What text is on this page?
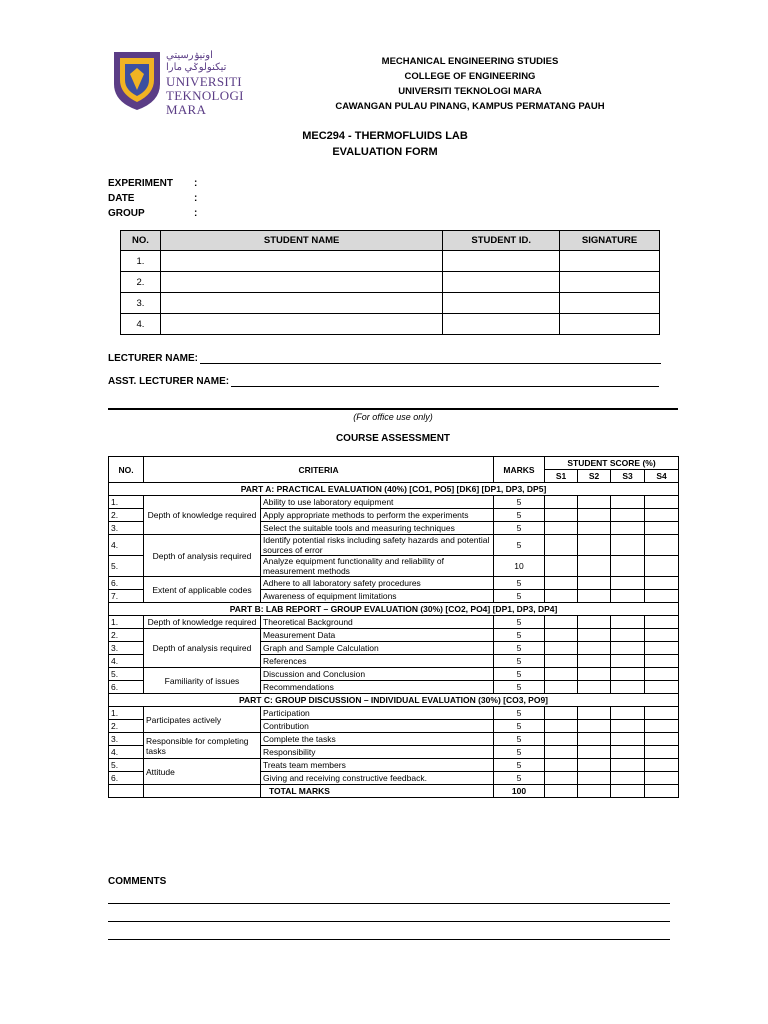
اونيۏرسيتي تيكنولوݢي مارا
UNIVERSITI
TEKNOLOGI
MARA
MECHANICAL ENGINEERING STUDIES
COLLEGE OF ENGINEERING
UNIVERSITI TEKNOLOGI MARA
CAWANGAN PULAU PINANG, KAMPUS PERMATANG PAUH
MEC294 - THERMOFLUIDS LAB
EVALUATION FORM
EXPERIMENT	:
DATE	:
GROUP	:
NO.	STUDENT NAME	STUDENT ID.	SIGNATURE
1.			
2.			
3.			
4.			
LECTURER NAME:
ASST. LECTURER NAME:
(For office use only)
COURSE ASSESSMENT
NO.	CRITERIA		MARKS	STUDENT SCORE (%)			
				S1	S2	S3	S4
PART A: PRACTICAL EVALUATION (40%) [CO1, PO5] [DK6] [DP1, DP3, DP5]							
1.	Depth of knowledge required	Ability to use laboratory equipment	5				
2.		Apply appropriate methods to perform the experiments	5				
3.		Select the suitable tools and measuring techniques	5				
4.	Depth of analysis required	Identify potential risks including safety hazards and potential sources of error	5				
5.		Analyze equipment functionality and reliability of measurement methods	10				
6.	Extent of applicable codes	Adhere to all laboratory safety procedures	5				
7.		Awareness of equipment limitations	5				
PART B: LAB REPORT – GROUP EVALUATION (30%) [CO2, PO4] [DP1, DP3, DP4]							
1.	Depth of knowledge required	Theoretical Background	5				
2.	Depth of analysis required	Measurement Data	5				
3.		Graph and Sample Calculation	5				
4.		References	5				
5.	Familiarity of issues	Discussion and Conclusion	5				
6.		Recommendations	5				
PART C: GROUP DISCUSSION – INDIVIDUAL EVALUATION (30%) [CO3, PO9]							
1.	Participates actively	Participation	5				
2.		Contribution	5				
3.	Responsible for completing tasks	Complete the tasks	5				
4.		Responsibility	5				
5.	Attitude	Treats team members	5				
6.		Giving and receiving constructive feedback.	5				
		TOTAL MARKS	100				
COMMENTS
